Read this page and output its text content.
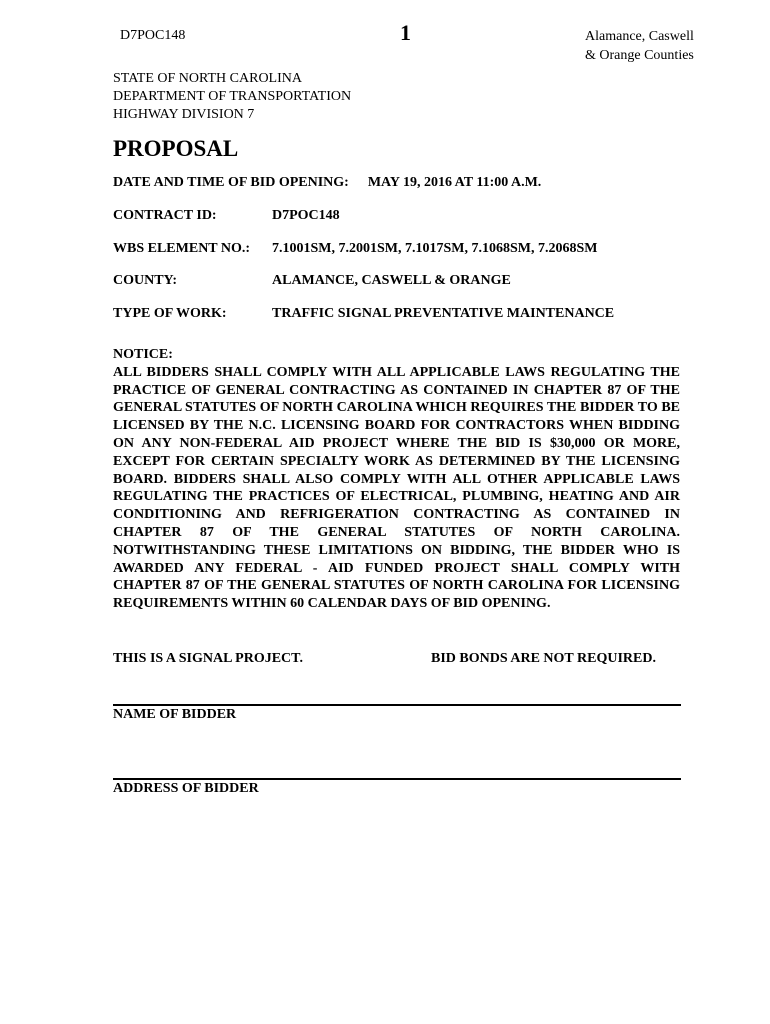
D7POC148	1	Alamance, Caswell
& Orange Counties
STATE OF NORTH CAROLINA
DEPARTMENT OF TRANSPORTATION
HIGHWAY DIVISION 7
PROPOSAL
DATE AND TIME OF BID OPENING: MAY 19, 2016 AT 11:00 A.M.
CONTRACT ID:	D7POC148
WBS ELEMENT NO.: 7.1001SM, 7.2001SM, 7.1017SM, 7.1068SM, 7.2068SM
COUNTY:	ALAMANCE, CASWELL & ORANGE
TYPE OF WORK:	TRAFFIC SIGNAL PREVENTATIVE MAINTENANCE
NOTICE:
ALL BIDDERS SHALL COMPLY WITH ALL APPLICABLE LAWS REGULATING THE PRACTICE OF GENERAL CONTRACTING AS CONTAINED IN CHAPTER 87 OF THE GENERAL STATUTES OF NORTH CAROLINA WHICH REQUIRES THE BIDDER TO BE LICENSED BY THE N.C. LICENSING BOARD FOR CONTRACTORS WHEN BIDDING ON ANY NON-FEDERAL AID PROJECT WHERE THE BID IS $30,000 OR MORE, EXCEPT FOR CERTAIN SPECIALTY WORK AS DETERMINED BY THE LICENSING BOARD. BIDDERS SHALL ALSO COMPLY WITH ALL OTHER APPLICABLE LAWS REGULATING THE PRACTICES OF ELECTRICAL, PLUMBING, HEATING AND AIR CONDITIONING AND REFRIGERATION CONTRACTING AS CONTAINED IN CHAPTER 87 OF THE GENERAL STATUTES OF NORTH CAROLINA. NOTWITHSTANDING THESE LIMITATIONS ON BIDDING, THE BIDDER WHO IS AWARDED ANY FEDERAL - AID FUNDED PROJECT SHALL COMPLY WITH CHAPTER 87 OF THE GENERAL STATUTES OF NORTH CAROLINA FOR LICENSING REQUIREMENTS WITHIN 60 CALENDAR DAYS OF BID OPENING.
THIS IS A SIGNAL PROJECT.	BID BONDS ARE NOT REQUIRED.
NAME OF BIDDER
ADDRESS OF BIDDER
